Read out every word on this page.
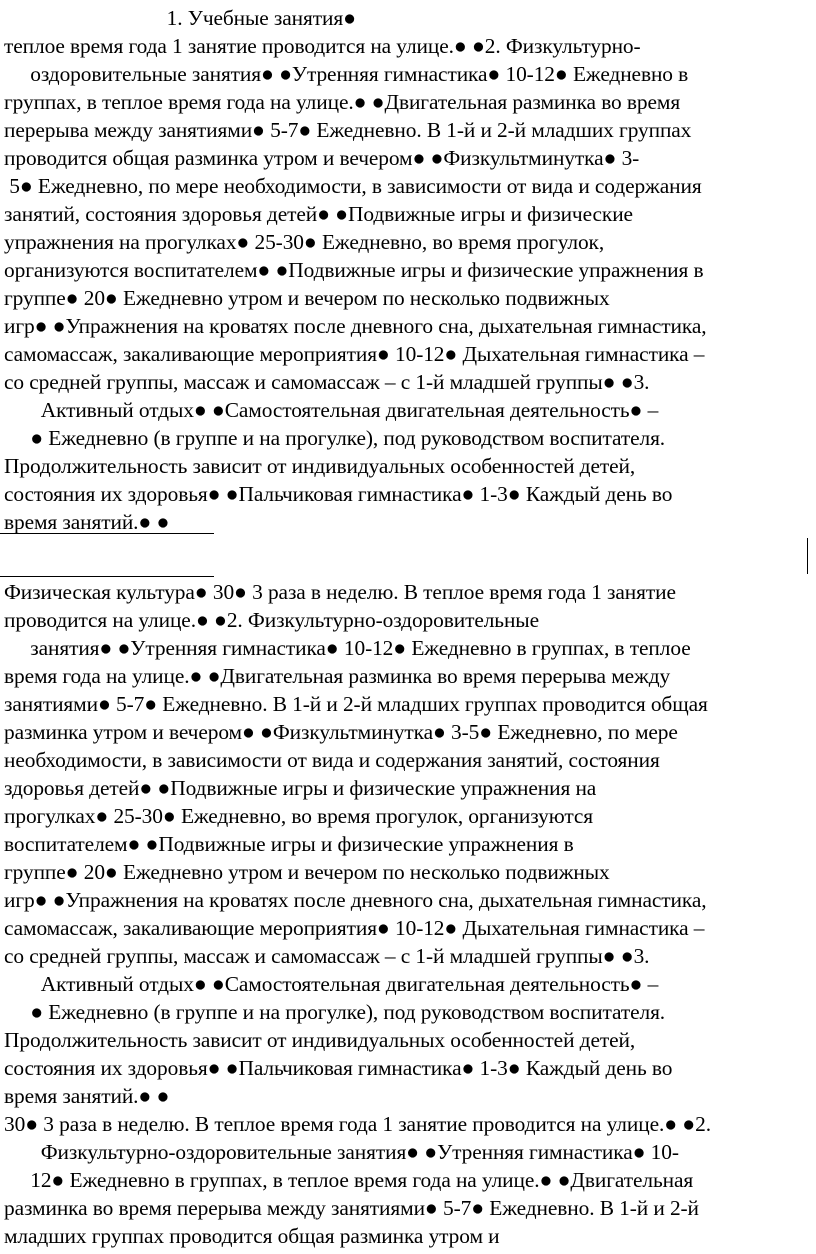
1. Учебные занятия●
теплое время года 1 занятие проводится на улице.● ●2. Физкультурно-
оздоровительные занятия● ●Утренняя гимнастика● 10-12● Ежедневно в
группах, в теплое время года на улице.● ●Двигательная разминка во время
перерыва между занятиями● 5-7● Ежедневно. В 1-й и 2-й младших группах
проводится общая разминка утром и вечером● ●Физкультминутка● 3-
5● Ежедневно, по мере необходимости, в зависимости от вида и содержания
занятий, состояния здоровья детей● ●Подвижные игры и физические
упражнения на прогулках● 25-30● Ежедневно, во время прогулок,
организуются воспитателем● ●Подвижные игры и физические упражнения в
группе● 20● Ежедневно утром и вечером по несколько подвижных
игр● ●Упражнения на кроватях после дневного сна, дыхательная гимнастика,
самомассаж, закаливающие мероприятия● 10-12● Дыхательная гимнастика –
со средней группы, массаж и самомассаж – с 1-й младшей группы● ●3.
Активный отдых● ●Самостоятельная двигательная деятельность● –
● Ежедневно (в группе и на прогулке), под руководством воспитателя.
Продолжительность зависит от индивидуальных особенностей детей,
состояния их здоровья● ●Пальчиковая гимнастика● 1-3● Каждый день во
время занятий.● ●
Физическая культура● 30● 3 раза в неделю. В теплое время года 1 занятие
проводится на улице.● ●2. Физкультурно-оздоровительные
занятия● ●Утренняя гимнастика● 10-12● Ежедневно в группах, в теплое
время года на улице.● ●Двигательная разминка во время перерыва между
занятиями● 5-7● Ежедневно. В 1-й и 2-й младших группах проводится общая
разминка утром и вечером● ●Физкультминутка● 3-5● Ежедневно, по мере
необходимости, в зависимости от вида и содержания занятий, состояния
здоровья детей● ●Подвижные игры и физические упражнения на
прогулках● 25-30● Ежедневно, во время прогулок, организуются
воспитателем● ●Подвижные игры и физические упражнения в
группе● 20● Ежедневно утром и вечером по несколько подвижных
игр● ●Упражнения на кроватях после дневного сна, дыхательная гимнастика,
самомассаж, закаливающие мероприятия● 10-12● Дыхательная гимнастика –
со средней группы, массаж и самомассаж – с 1-й младшей группы● ●3.
Активный отдых● ●Самостоятельная двигательная деятельность● –
● Ежедневно (в группе и на прогулке), под руководством воспитателя.
Продолжительность зависит от индивидуальных особенностей детей,
состояния их здоровья● ●Пальчиковая гимнастика● 1-3● Каждый день во
время занятий.● ●
30● 3 раза в неделю. В теплое время года 1 занятие проводится на улице.● ●2.
Физкультурно-оздоровительные занятия● ●Утренняя гимнастика● 10-
12● Ежедневно в группах, в теплое время года на улице.● ●Двигательная
разминка во время перерыва между занятиями● 5-7● Ежедневно. В 1-й и 2-й
младших группах проводится общая разминка утром и
